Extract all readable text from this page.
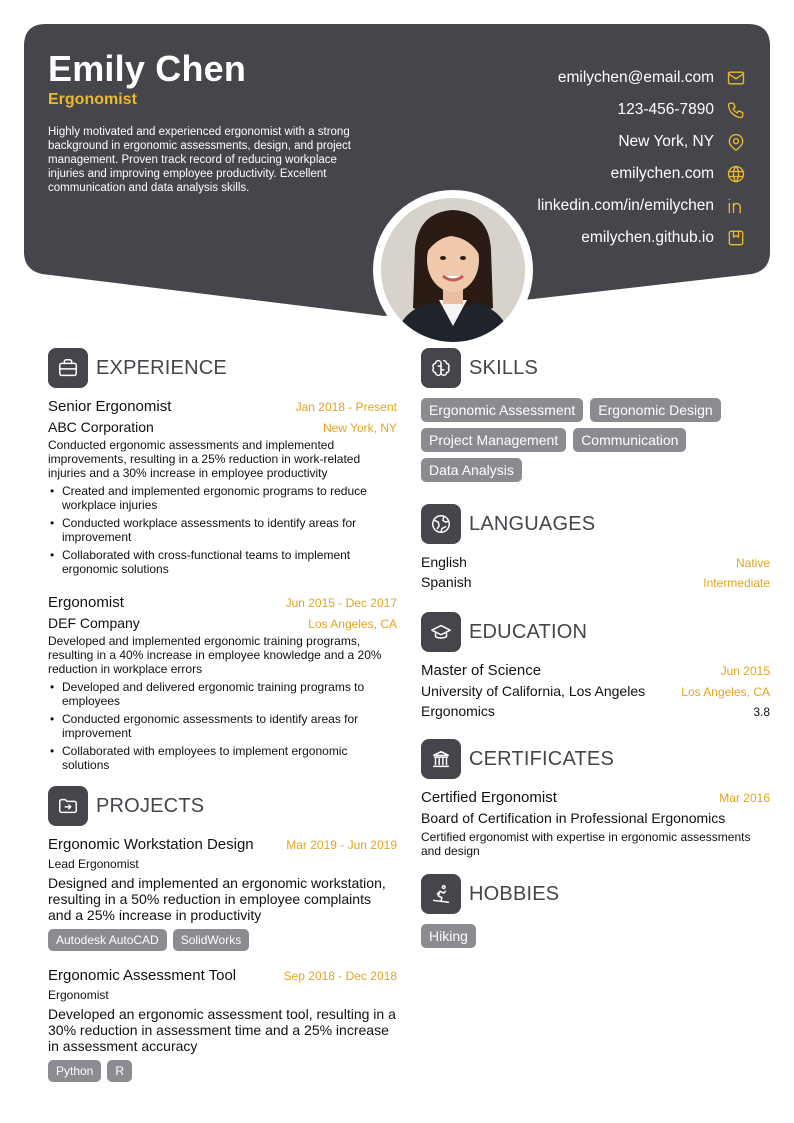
Emily Chen
Ergonomist
Highly motivated and experienced ergonomist with a strong background in ergonomic assessments, design, and project management. Proven track record of reducing workplace injuries and improving employee productivity. Excellent communication and data analysis skills.
emilychen@email.com
123-456-7890
New York, NY
emilychen.com
linkedin.com/in/emilychen
emilychen.github.io
EXPERIENCE
Senior Ergonomist	Jan 2018 - Present
ABC Corporation	New York, NY
Conducted ergonomic assessments and implemented improvements, resulting in a 25% reduction in work-related injuries and a 30% increase in employee productivity
• Created and implemented ergonomic programs to reduce workplace injuries
• Conducted workplace assessments to identify areas for improvement
• Collaborated with cross-functional teams to implement ergonomic solutions
Ergonomist	Jun 2015 - Dec 2017
DEF Company	Los Angeles, CA
Developed and implemented ergonomic training programs, resulting in a 40% increase in employee knowledge and a 20% reduction in workplace errors
• Developed and delivered ergonomic training programs to employees
• Conducted ergonomic assessments to identify areas for improvement
• Collaborated with employees to implement ergonomic solutions
PROJECTS
Ergonomic Workstation Design	Mar 2019 - Jun 2019
Lead Ergonomist
Designed and implemented an ergonomic workstation, resulting in a 50% reduction in employee complaints and a 25% increase in productivity
Autodesk AutoCAD	SolidWorks
Ergonomic Assessment Tool	Sep 2018 - Dec 2018
Ergonomist
Developed an ergonomic assessment tool, resulting in a 30% reduction in assessment time and a 25% increase in assessment accuracy
Python	R
SKILLS
Ergonomic Assessment	Ergonomic Design
Project Management	Communication
Data Analysis
LANGUAGES
English	Native
Spanish	Intermediate
EDUCATION
Master of Science	Jun 2015
University of California, Los Angeles	Los Angeles, CA
Ergonomics	3.8
CERTIFICATES
Certified Ergonomist	Mar 2016
Board of Certification in Professional Ergonomics
Certified ergonomist with expertise in ergonomic assessments and design
HOBBIES
Hiking
